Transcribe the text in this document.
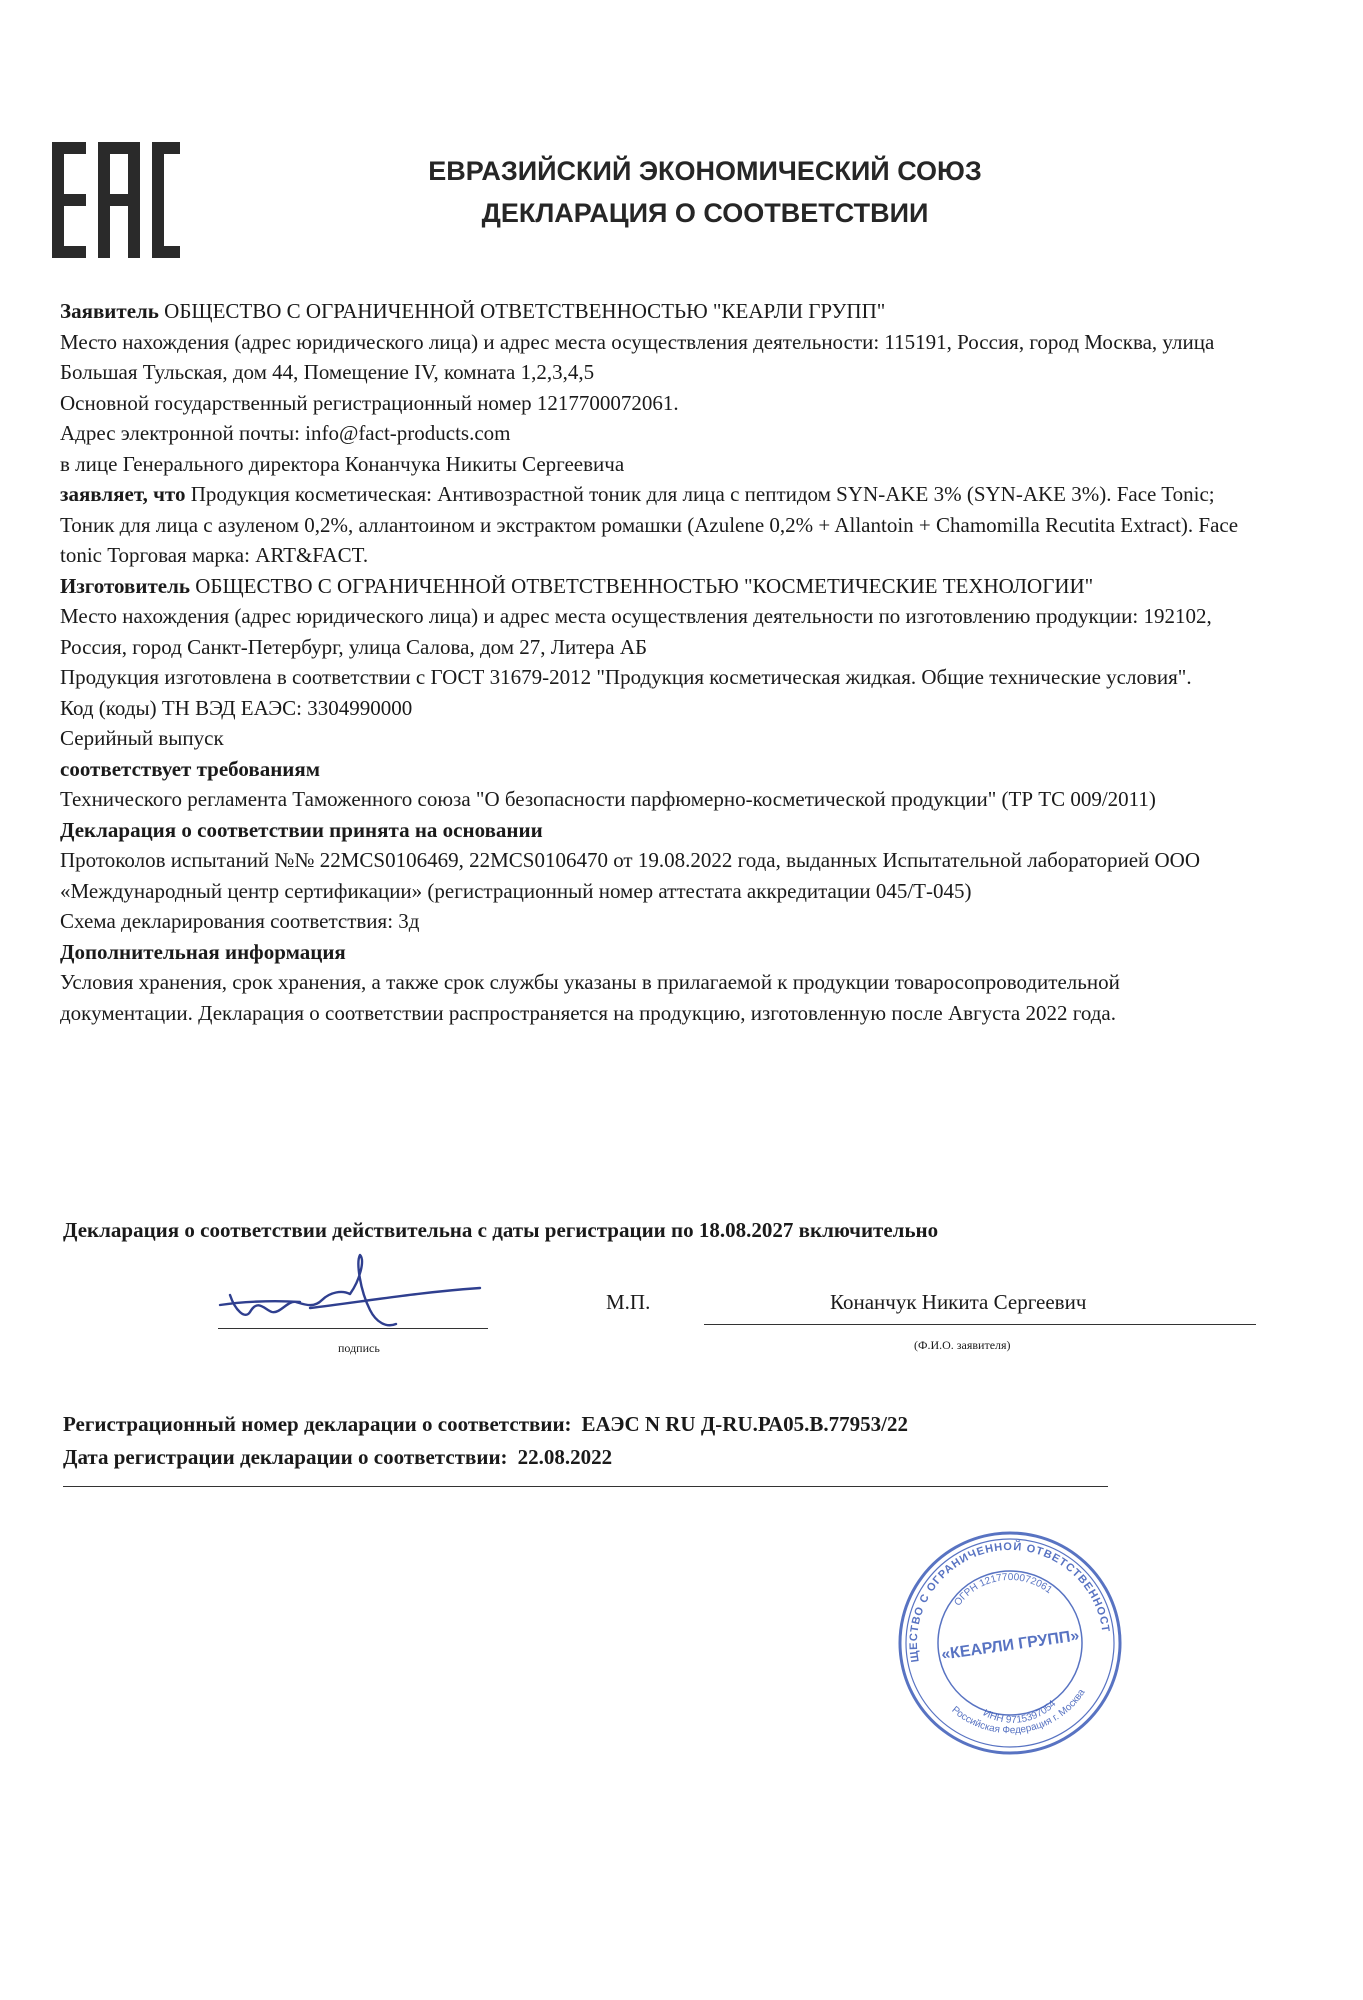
ЕВРАЗИЙСКИЙ ЭКОНОМИЧЕСКИЙ СОЮЗ
ДЕКЛАРАЦИЯ О СООТВЕТСТВИИ

Заявитель ОБЩЕСТВО С ОГРАНИЧЕННОЙ ОТВЕТСТВЕННОСТЬЮ "КЕАРЛИ ГРУПП"

Место нахождения (адрес юридического лица) и адрес места осуществления деятельности: 115191, Россия, город Москва, улица Большая Тульская, дом 44, Помещение IV, комната 1,2,3,4,5

Основной государственный регистрационный номер 1217700072061.

Адрес электронной почты: info@fact-products.com

в лице Генерального директора Конанчука Никиты Сергеевича

заявляет, что Продукция косметическая: Антивозрастной тоник для лица с пептидом SYN-AKE 3% (SYN-AKE 3%). Face Tonic; Тоник для лица с азуленом 0,2%, аллантоином и экстрактом ромашки (Azulene 0,2% + Allantoin + Chamomilla Recutita Extract). Face tonic Торговая марка: ART&FACT.

Изготовитель ОБЩЕСТВО С ОГРАНИЧЕННОЙ ОТВЕТСТВЕННОСТЬЮ "КОСМЕТИЧЕСКИЕ ТЕХНОЛОГИИ"

Место нахождения (адрес юридического лица) и адрес места осуществления деятельности по изготовлению продукции: 192102, Россия, город Санкт-Петербург, улица Салова, дом 27, Литера АБ

Продукция изготовлена в соответствии с ГОСТ 31679-2012 "Продукция косметическая жидкая. Общие технические условия".

Код (коды) ТН ВЭД ЕАЭС: 3304990000

Серийный выпуск

соответствует требованиям

Технического регламента Таможенного союза "О безопасности парфюмерно-косметической продукции" (ТР ТС 009/2011)

Декларация о соответствии принята на основании

Протоколов испытаний №№ 22MCS0106469, 22MCS0106470 от 19.08.2022 года, выданных Испытательной лабораторией ООО «Международный центр сертификации» (регистрационный номер аттестата аккредитации 045/Т-045)

Схема декларирования соответствия: 3д

Дополнительная информация

Условия хранения, срок хранения, а также срок службы указаны в прилагаемой к продукции товаросопроводительной документации. Декларация о соответствии распространяется на продукцию, изготовленную после Августа 2022 года.

Декларация о соответствии действительна с даты регистрации по 18.08.2027 включительно
подпись
М.П.	Конанчук Никита Сергеевич
(Ф.И.О. заявителя)
Регистрационный номер декларации о соответствии: ЕАЭС N RU Д-RU.РА05.В.77953/22
Дата регистрации декларации о соответствии: 22.08.2022
ОБЩЕСТВО С ОГРАНИЧЕННОЙ ОТВЕТСТВЕННОСТЬЮ
ОГРН 1217700072061
«КЕАРЛИ ГРУПП»
ИНН 9715397054
Российская Федерация г. Москва
